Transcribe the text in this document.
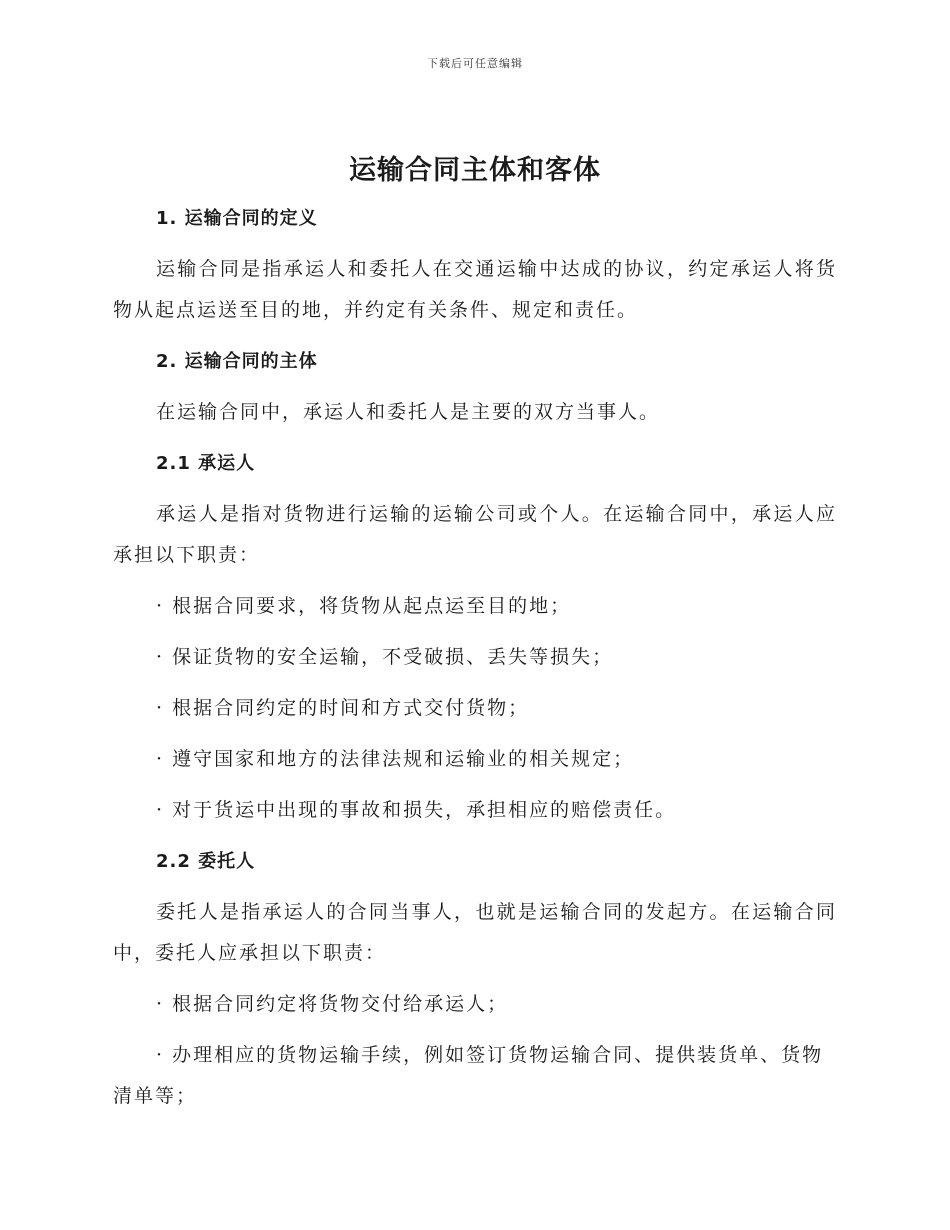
下载后可任意编辑
运输合同主体和客体

1. 运输合同的定义

运输合同是指承运人和委托人在交通运输中达成的协议，约定承运人将货物从起点运送至目的地，并约定有关条件、规定和责任。

2. 运输合同的主体

在运输合同中，承运人和委托人是主要的双方当事人。

2.1 承运人

承运人是指对货物进行运输的运输公司或个人。在运输合同中，承运人应承担以下职责：

· 根据合同要求，将货物从起点运至目的地；

· 保证货物的安全运输，不受破损、丢失等损失；

· 根据合同约定的时间和方式交付货物；

· 遵守国家和地方的法律法规和运输业的相关规定；

· 对于货运中出现的事故和损失，承担相应的赔偿责任。

2.2 委托人

委托人是指承运人的合同当事人，也就是运输合同的发起方。在运输合同中，委托人应承担以下职责：

· 根据合同约定将货物交付给承运人；

· 办理相应的货物运输手续，例如签订货物运输合同、提供装货单、货物清单等；
